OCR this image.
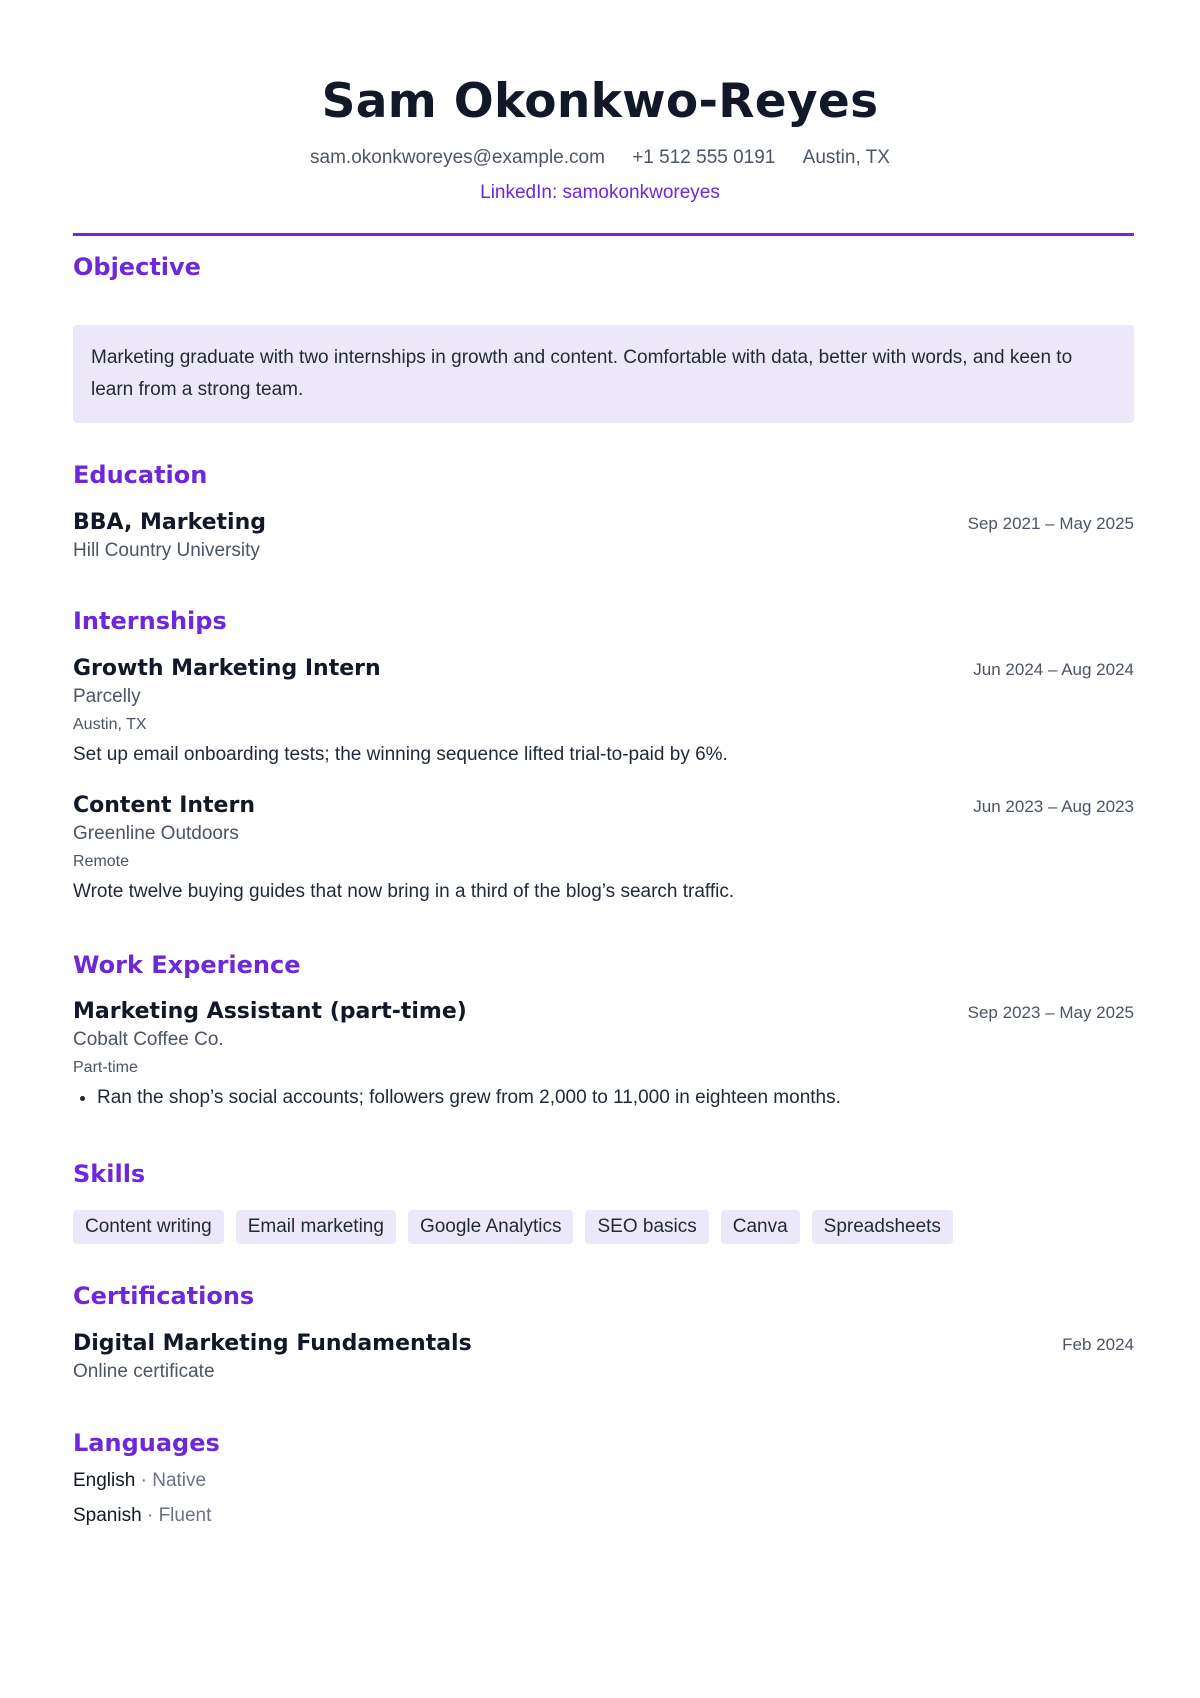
Sam Okonkwo-Reyes
sam.okonkworeyes@example.com +1 512 555 0191 Austin, TX
LinkedIn: samokonkworeyes
Objective
Marketing graduate with two internships in growth and content. Comfortable with data, better with words, and keen to learn from a strong team.
Education
BBA, Marketing	Sep 2021 – May 2025
Hill Country University
Internships
Growth Marketing Intern	Jun 2024 – Aug 2024
Parcelly
Austin, TX
Set up email onboarding tests; the winning sequence lifted trial-to-paid by 6%.
Content Intern	Jun 2023 – Aug 2023
Greenline Outdoors
Remote
Wrote twelve buying guides that now bring in a third of the blog’s search traffic.
Work Experience
Marketing Assistant (part-time)	Sep 2023 – May 2025
Cobalt Coffee Co.
Part-time
• Ran the shop’s social accounts; followers grew from 2,000 to 11,000 in eighteen months.
Skills
Content writing	Email marketing	Google Analytics	SEO basics	Canva	Spreadsheets
Certifications
Digital Marketing Fundamentals	Feb 2024
Online certificate
Languages
English · Native
Spanish · Fluent
